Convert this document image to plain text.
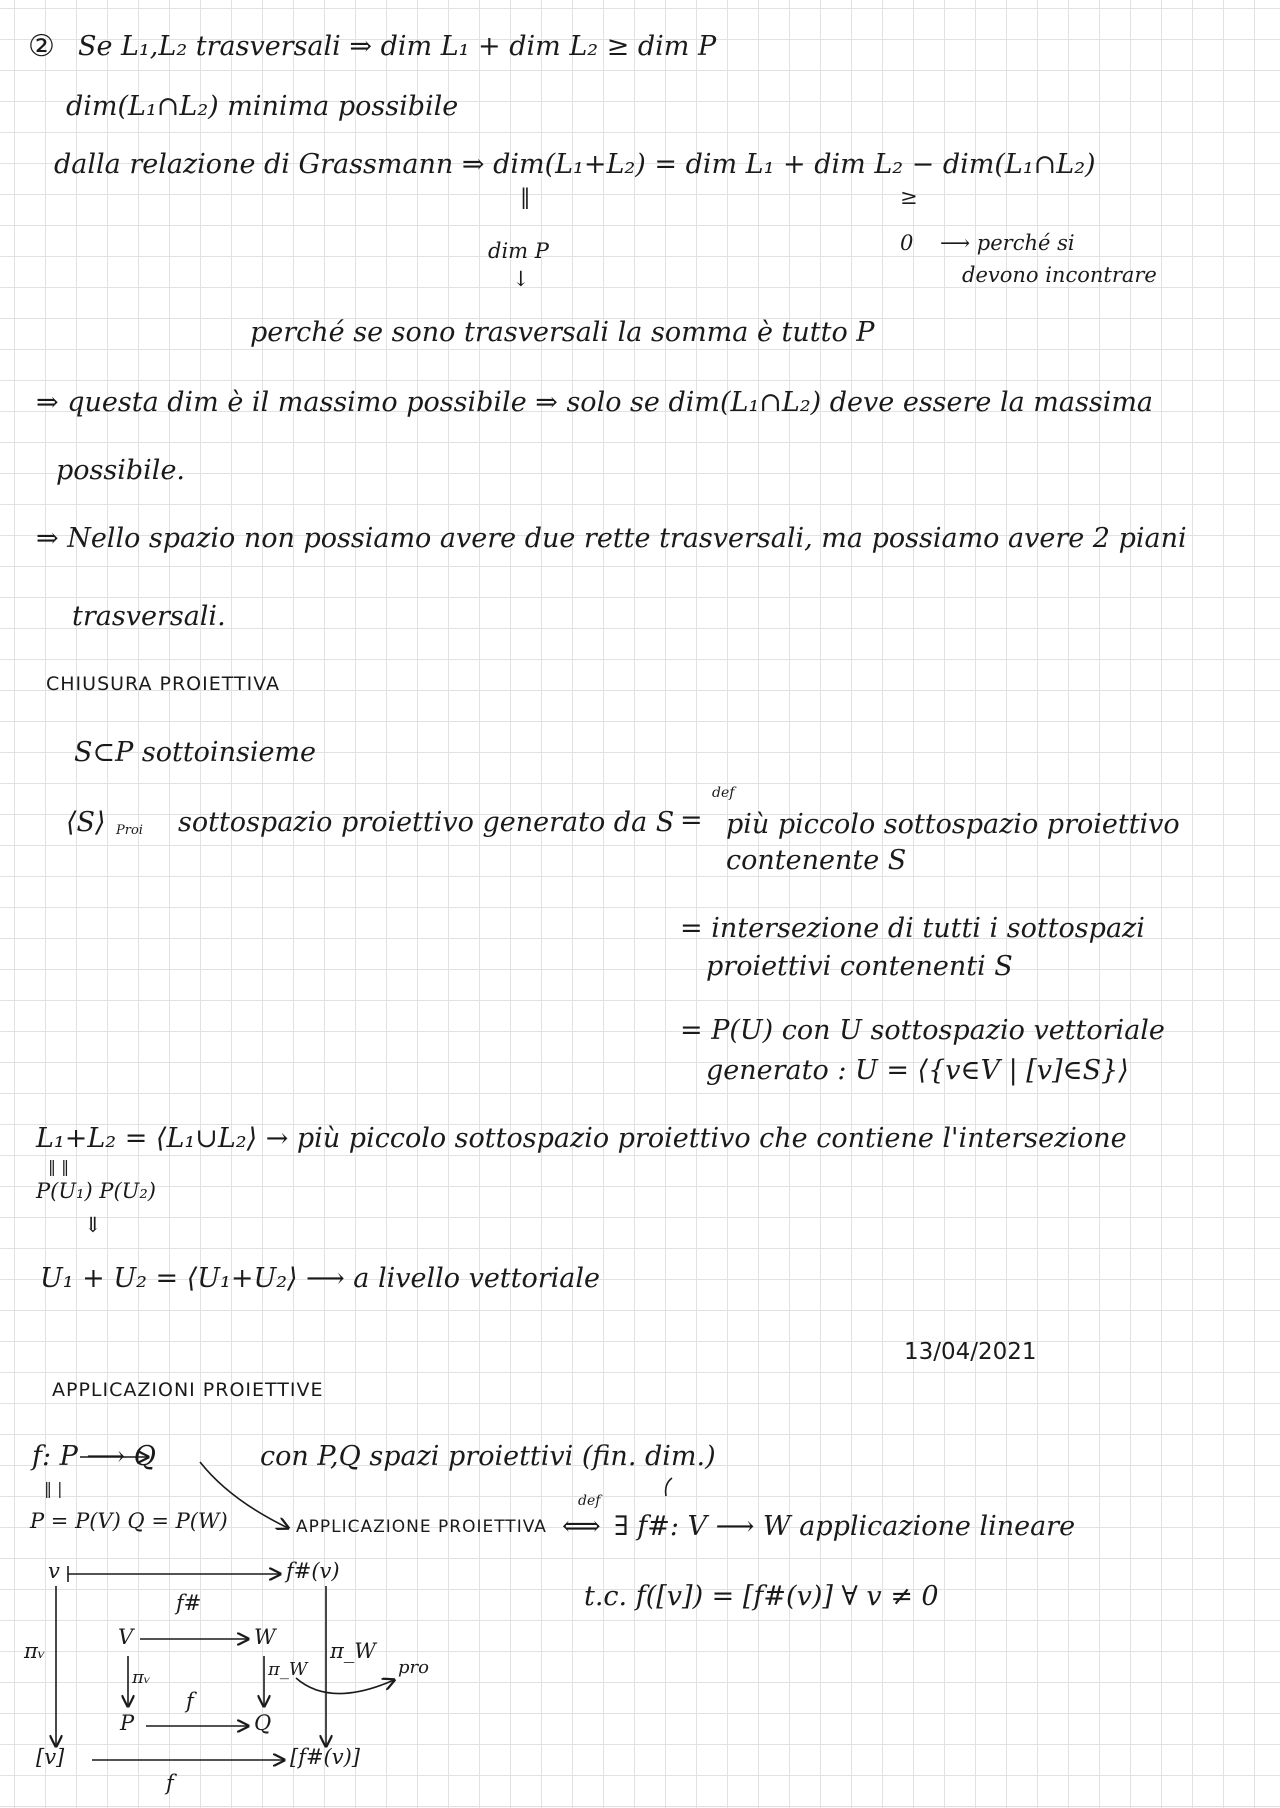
② Se L₁,L₂ trasversali ⇒ dim L₁ + dim L₂ ≥ dim P
dim(L₁∩L₂) minima possibile
dalla relazione di Grassmann ⇒ dim(L₁+L₂) = dim L₁ + dim L₂ − dim(L₁∩L₂)
‖	≥
dim P	0
↓
⟶ perché si
devono incontrare
perché se sono trasversali la somma è tutto P
⇒ questa dim è il massimo possibile ⇒ solo se dim(L₁∩L₂) deve essere la massima
possibile.
⇒ Nello spazio non possiamo avere due rette trasversali, ma possiamo avere 2 piani
trasversali.
CHIUSURA PROIETTIVA
S⊂P sottoinsieme
⟨S⟩ Proi sottospazio proiettivo generato da S
def
= più piccolo sottospazio proiettivo
contenente S
= intersezione di tutti i sottospazi
proiettivi contenenti S
= P(U) con U sottospazio vettoriale
generato : U = ⟨{v∈V | [v]∈S}⟩
L₁+L₂ = ⟨L₁∪L₂⟩ → più piccolo sottospazio proiettivo che contiene l'intersezione
‖ ‖
P(U₁) P(U₂)
⇓
U₁ + U₂ = ⟨U₁+U₂⟩ ⟶ a livello vettoriale
13/04/2021
APPLICAZIONI PROIETTIVE
f: P ⟶ Q	con P,Q spazi proiettivi (fin. dim.)
‖ |
P = P(V) Q = P(W)	APPLICAZIONE PROIETTIVA
def
⟺ ∃ f#: V ⟶ W applicazione lineare
t.c. f([v]) = [f#(v)] ∀ v ≠ 0
v	f#(v)
πᵥ
f#
V	W
πᵥ	π_W
π_W
pro
f
P	Q
[v]	[f#(v)]
f
